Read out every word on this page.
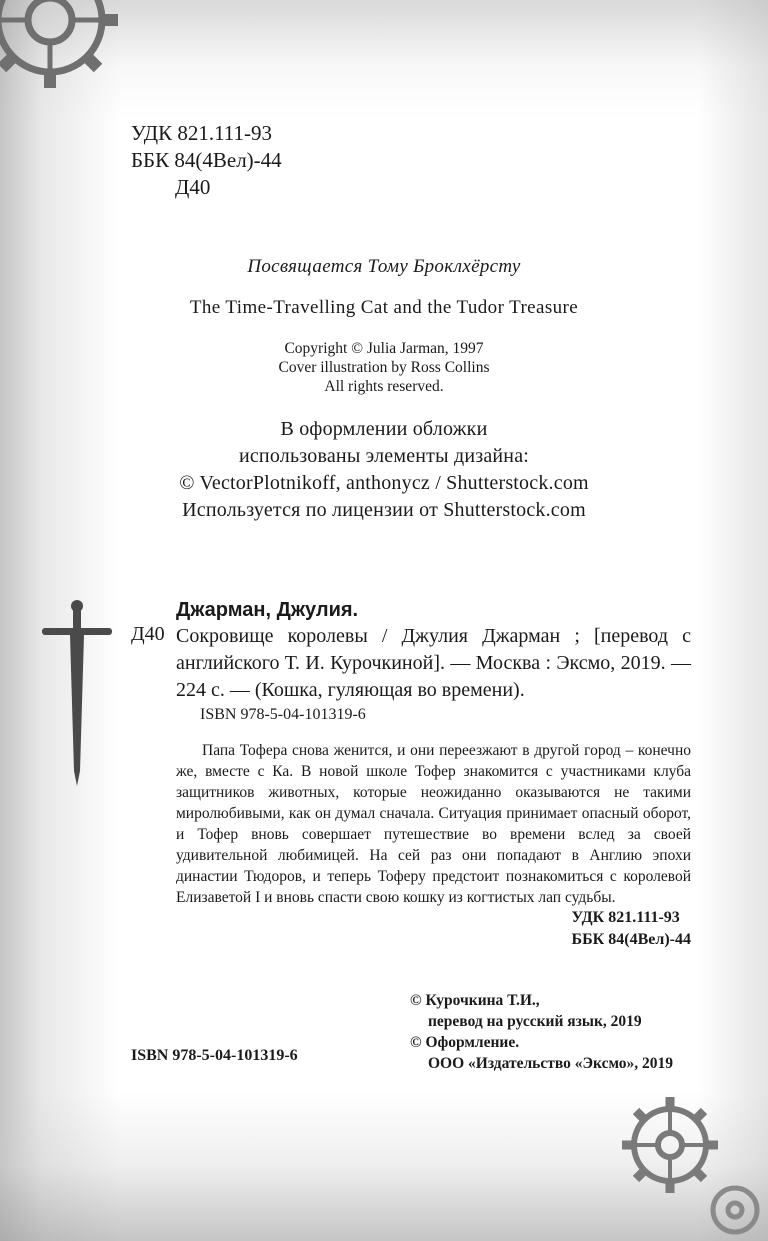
УДК 821.111-93
ББК 84(4Вел)-44
Д40
Посвящается Тому Броклхёрсту
The Time-Travelling Cat and the Tudor Treasure
Copyright © Julia Jarman, 1997
Cover illustration by Ross Collins
All rights reserved.
В оформлении обложки
использованы элементы дизайна:
© VectorPlotnikoff, anthonycz / Shutterstock.com
Используется по лицензии от Shutterstock.com
Джарман, Джулия.
Д40 Сокровище королевы / Джулия Джарман ; [перевод с английского Т. И. Курочкиной]. — Москва : Эксмо, 2019. — 224 с. — (Кошка, гуляющая во времени).
ISBN 978-5-04-101319-6
Папа Тофера снова женится, и они переезжают в другой город – конечно же, вместе с Ка. В новой школе Тофер знакомится с участниками клуба защитников животных, которые неожиданно оказываются не такими миролюбивыми, как он думал сначала. Ситуация принимает опасный оборот, и Тофер вновь совершает путешествие во времени вслед за своей удивительной любимицей. На сей раз они попадают в Англию эпохи династии Тюдоров, и теперь Тоферу предстоит познакомиться с королевой Елизаветой I и вновь спасти свою кошку из когтистых лап судьбы.
УДК 821.111-93
ББК 84(4Вел)-44
© Курочкина Т.И.,
перевод на русский язык, 2019
© Оформление.
ООО «Издательство «Эксмо», 2019
ISBN 978-5-04-101319-6
